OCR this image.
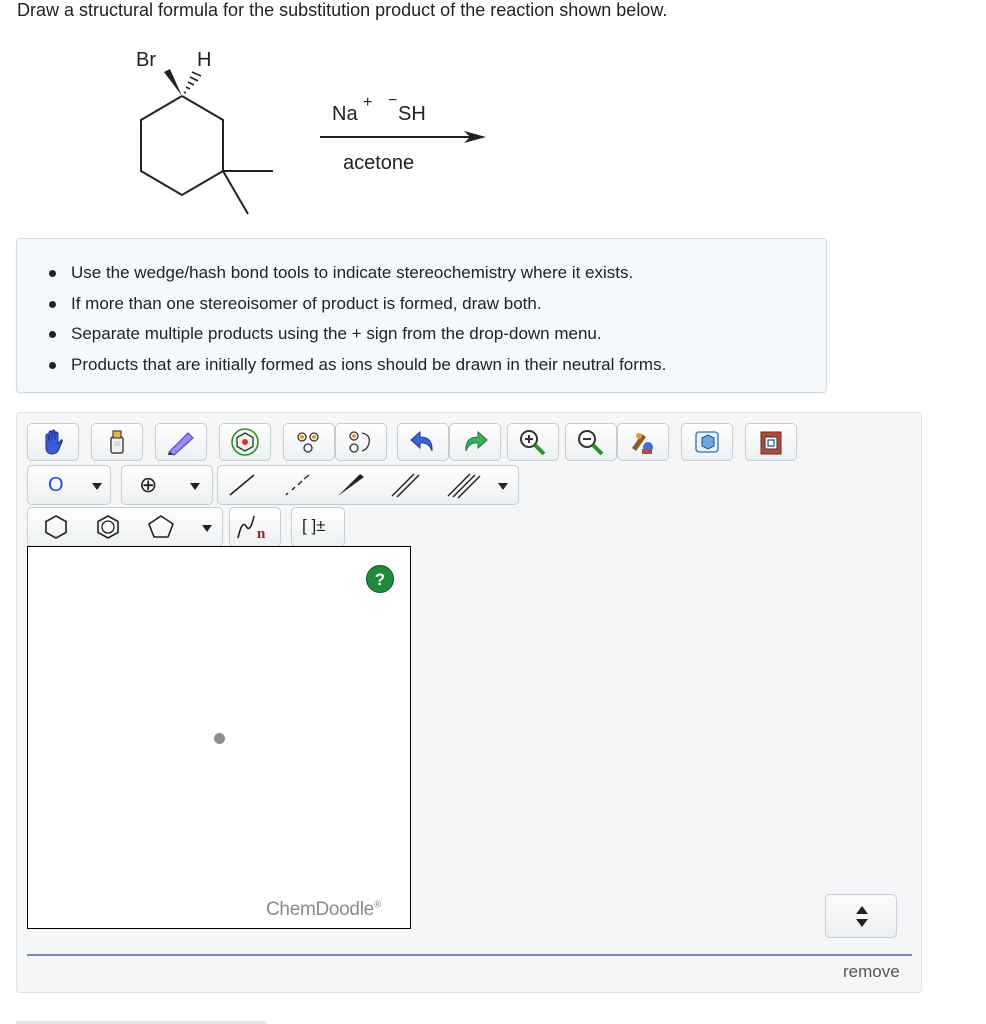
Draw a structural formula for the substitution product of the reaction shown below.
Br H
Na
+ −
SH
acetone
Use the wedge/hash bond tools to indicate stereochemistry where it exists.
If more than one stereoisomer of product is formed, draw both.
Separate multiple products using the + sign from the drop-down menu.
Products that are initially formed as ions should be drawn in their neutral forms.
O	⊕
n [ ]±
?
ChemDoodle®
remove
